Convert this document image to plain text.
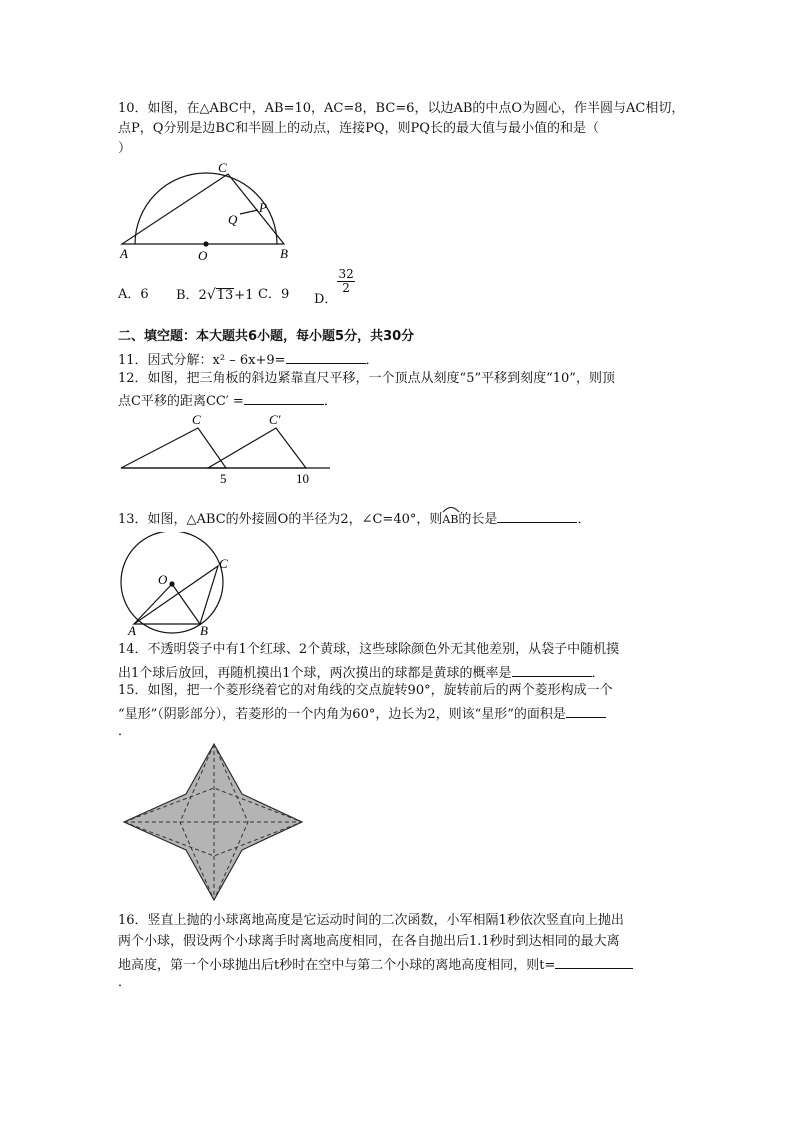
10．如图，在△ABC中，AB=10，AC=8，BC=6，以边AB的中点O为圆心，作半圆与AC相切，
点P，Q分别是边BC和半圆上的动点，连接PQ，则PQ长的最大值与最小值的和是（
）
A	B
C
O
P
Q
A．6 B．2√13+1 C．9 D．
$\frac{32}{2}$
二、填空题：本大题共6小题，每小题5分，共30分
11．因式分解：x² – 6x+9=	．
12．如图，把三角板的斜边紧靠直尺平移，一个顶点从刻度“5”平移到刻度“10”，则顶
点C平移的距离CC′ =	．
C	C′
5	10
13．如图，△ABC的外接圆O的半径为2，∠C=40°，则
AB的长是	．
O
A	B
C
14．不透明袋子中有1个红球、2个黄球，这些球除颜色外无其他差别，从袋子中随机摸
出1个球后放回，再随机摸出1个球，两次摸出的球都是黄球的概率是	．
15．如图，把一个菱形绕着它的对角线的交点旋转90°，旋转前后的两个菱形构成一个
“星形”（阴影部分），若菱形的一个内角为60°，边长为2，则该“星形”的面积是
．
16．竖直上抛的小球离地高度是它运动时间的二次函数，小军相隔1秒依次竖直向上抛出
两个小球，假设两个小球离手时离地高度相同，在各自抛出后1.1秒时到达相同的最大离
地高度，第一个小球抛出后t秒时在空中与第二个小球的离地高度相同，则t=
．
